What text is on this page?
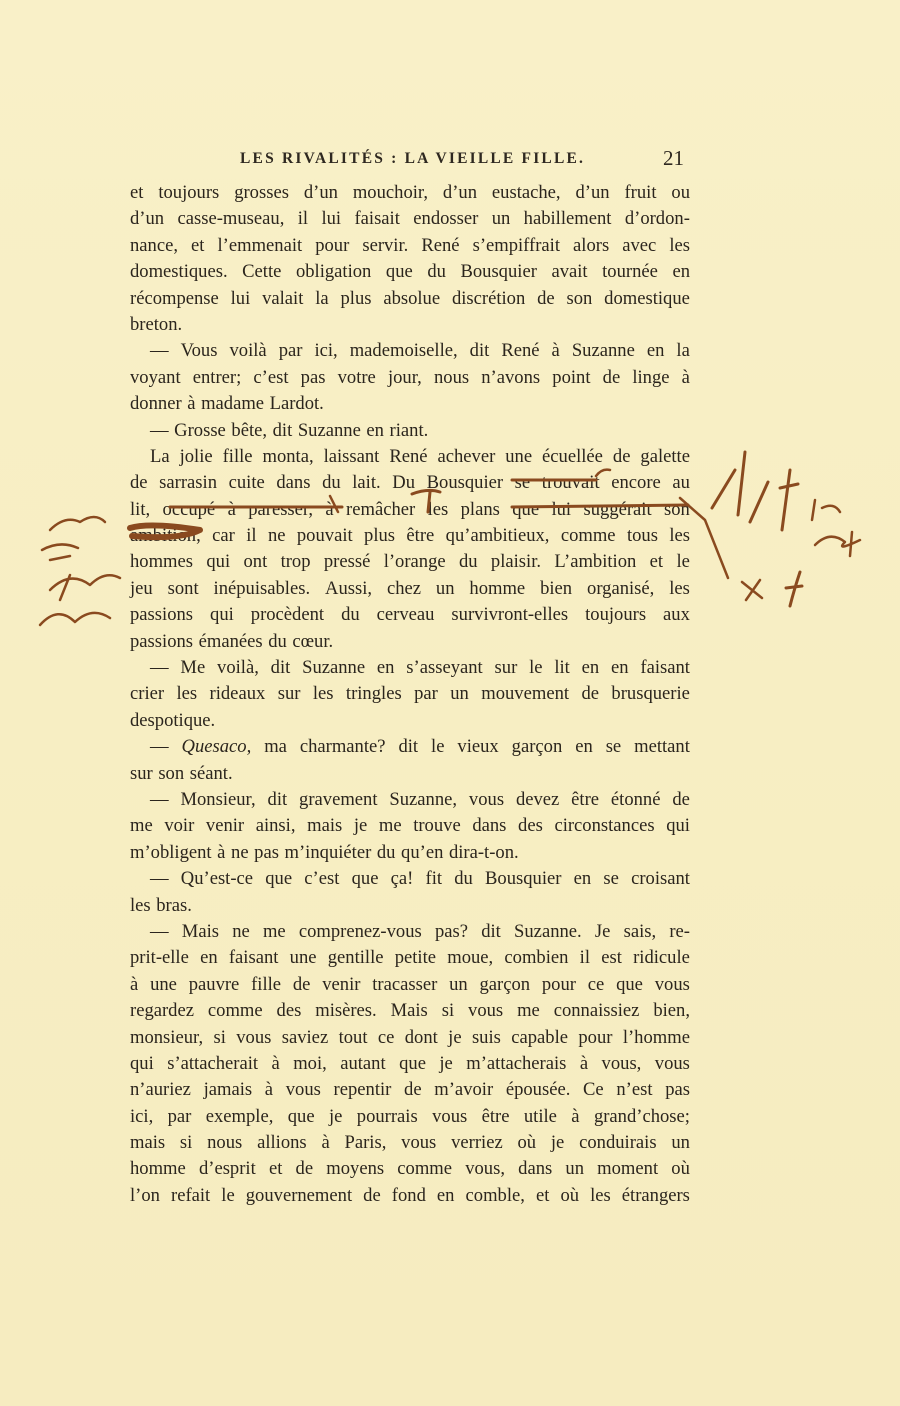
LES RIVALITÉS : LA VIEILLE FILLE.	21
et toujours grosses d’un mouchoir, d’un eustache, d’un fruit ou
d’un casse-museau, il lui faisait endosser un habillement d’ordon-
nance, et l’emmenait pour servir. René s’empiffrait alors avec les
domestiques. Cette obligation que du Bousquier avait tournée en
récompense lui valait la plus absolue discrétion de son domestique
breton.
— Vous voilà par ici, mademoiselle, dit René à Suzanne en la
voyant entrer; c’est pas votre jour, nous n’avons point de linge à
donner à madame Lardot.
— Grosse bête, dit Suzanne en riant.
La jolie fille monta, laissant René achever une écuellée de galette
de sarrasin cuite dans du lait. Du Bousquier se trouvait encore au
lit, occupé à paresser, à remâcher les plans que lui suggérait son
ambition, car il ne pouvait plus être qu’ambitieux, comme tous les
hommes qui ont trop pressé l’orange du plaisir. L’ambition et le
jeu sont inépuisables. Aussi, chez un homme bien organisé, les
passions qui procèdent du cerveau survivront-elles toujours aux
passions émanées du cœur.
— Me voilà, dit Suzanne en s’asseyant sur le lit en en faisant
crier les rideaux sur les tringles par un mouvement de brusquerie
despotique.
— Quesaco, ma charmante? dit le vieux garçon en se mettant
sur son séant.
— Monsieur, dit gravement Suzanne, vous devez être étonné de
me voir venir ainsi, mais je me trouve dans des circonstances qui
m’obligent à ne pas m’inquiéter du qu’en dira-t-on.
— Qu’est-ce que c’est que ça! fit du Bousquier en se croisant
les bras.
— Mais ne me comprenez-vous pas? dit Suzanne. Je sais, re-
prit-elle en faisant une gentille petite moue, combien il est ridicule
à une pauvre fille de venir tracasser un garçon pour ce que vous
regardez comme des misères. Mais si vous me connaissiez bien,
monsieur, si vous saviez tout ce dont je suis capable pour l’homme
qui s’attacherait à moi, autant que je m’attacherais à vous, vous
n’auriez jamais à vous repentir de m’avoir épousée. Ce n’est pas
ici, par exemple, que je pourrais vous être utile à grand’chose;
mais si nous allions à Paris, vous verriez où je conduirais un
homme d’esprit et de moyens comme vous, dans un moment où
l’on refait le gouvernement de fond en comble, et où les étrangers
